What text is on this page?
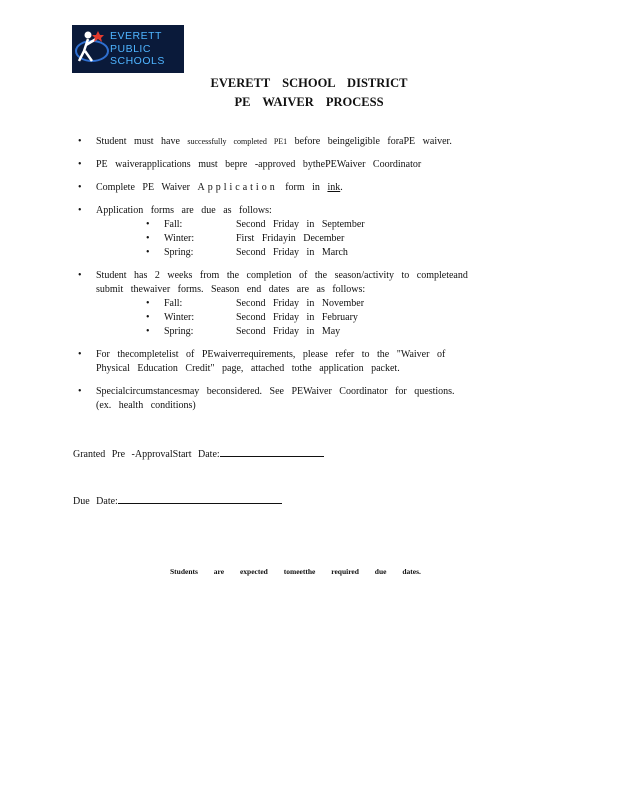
EVERETT
PUBLIC
SCHOOLS
EVERETT SCHOOL DISTRICT
PE WAIVER PROCESS
• Student must have successfully completed PE1 before beingeligible foraPE waiver.
• PE waiverapplications must bepre -approved bythePEWaiver Coordinator
• Complete PE Waiver Application form in ink.
• Application forms are due as follows:
• Fall:	Second Friday in September
• Winter:	First Fridayin December
• Spring:	Second Friday in March
• Student has 2 weeks from the completion of the season/activity to completeand
submit thewaiver forms. Season end dates are as follows:
• Fall:	Second Friday in November
• Winter:	Second Friday in February
• Spring:	Second Friday in May
• For thecompletelist of PEwaiverrequirements, please refer to the "Waiver of
Physical Education Credit" page, attached tothe application packet.
• Specialcircumstancesmay beconsidered. See PEWaiver Coordinator for questions.
(ex. health conditions)
Granted Pre -ApprovalStart Date:
Due Date:
Students are expected tomeetthe required due dates.
